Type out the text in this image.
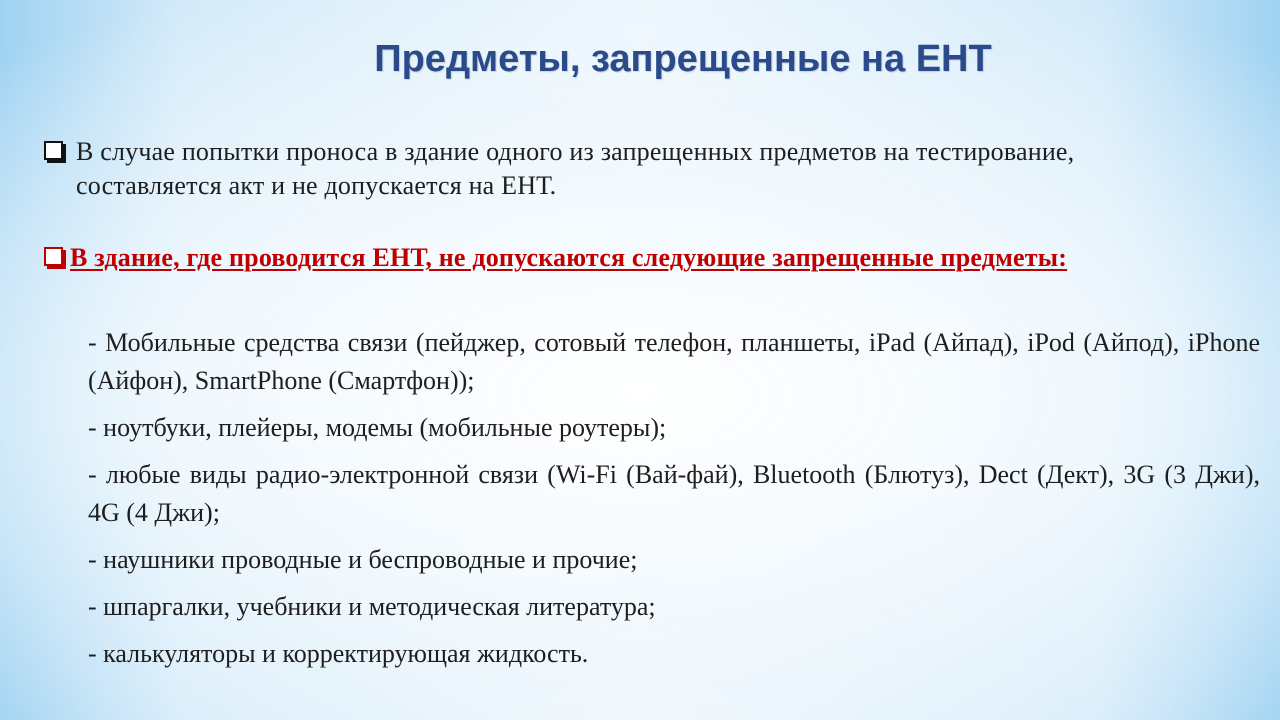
Предметы, запрещенные на ЕНТ
В случае попытки проноса в здание одного из запрещенных предметов на тестирование, составляется акт и не допускается на ЕНТ.
В здание, где проводится ЕНТ, не допускаются следующие запрещенные предметы:
- Мобильные средства связи (пейджер, сотовый телефон, планшеты, iPad (Айпад), iPod (Айпод), iPhone (Айфон), SmartPhone (Смартфон));
- ноутбуки, плейеры, модемы (мобильные роутеры);
- любые виды радио-электронной связи (Wi-Fi (Вай-фай), Bluetooth (Блютуз), Dect (Дект), 3G (3 Джи), 4G (4 Джи);
- наушники проводные и беспроводные и прочие;
- шпаргалки, учебники и методическая литература;
- калькуляторы и корректирующая жидкость.
